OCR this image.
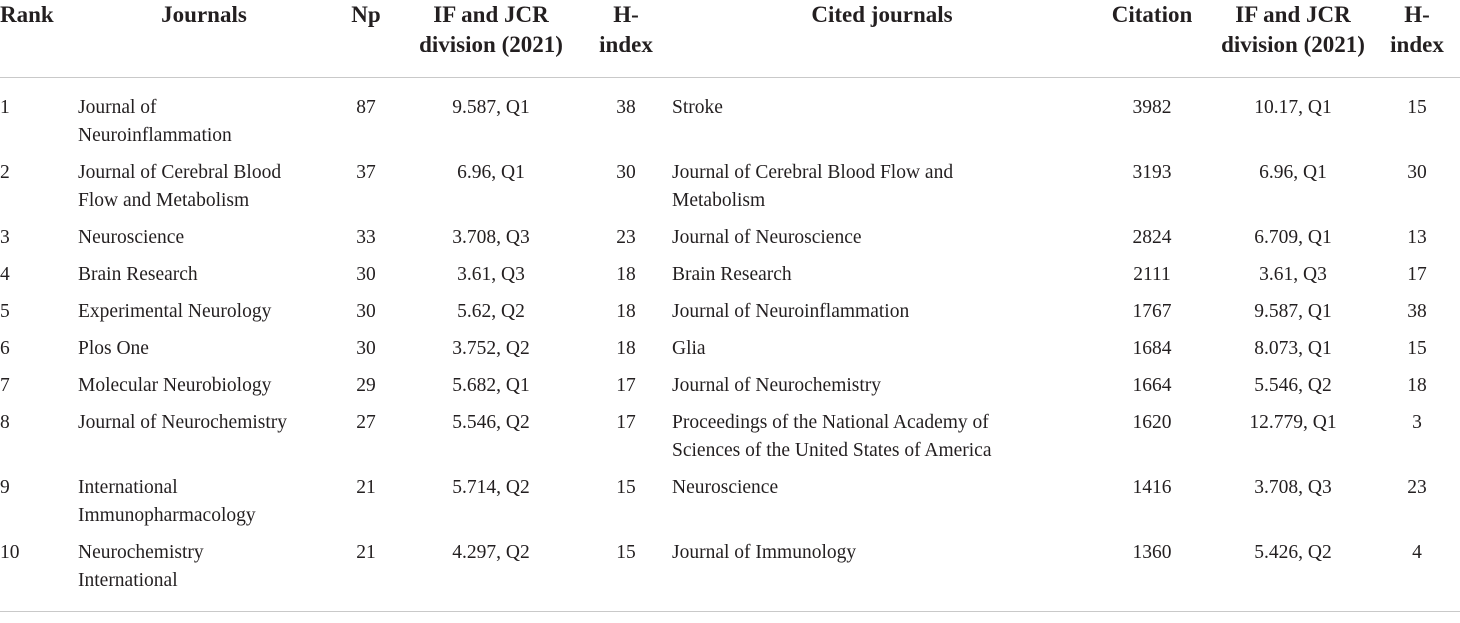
Rank	Journals	Np	IF and JCR
division (2021)	H-
index	Cited journals	Citation	IF and JCR
division (2021)	H-
index

1	Journal of
Neuroinflammation	87	9.587, Q1	38	Stroke	3982	10.17, Q1	15
2	Journal of Cerebral Blood
Flow and Metabolism	37	6.96, Q1	30	Journal of Cerebral Blood Flow and
Metabolism	3193	6.96, Q1	30
3	Neuroscience	33	3.708, Q3	23	Journal of Neuroscience	2824	6.709, Q1	13
4	Brain Research	30	3.61, Q3	18	Brain Research	2111	3.61, Q3	17
5	Experimental Neurology	30	5.62, Q2	18	Journal of Neuroinflammation	1767	9.587, Q1	38
6	Plos One	30	3.752, Q2	18	Glia	1684	8.073, Q1	15
7	Molecular Neurobiology	29	5.682, Q1	17	Journal of Neurochemistry	1664	5.546, Q2	18
8	Journal of Neurochemistry	27	5.546, Q2	17	Proceedings of the National Academy of
Sciences of the United States of America	1620	12.779, Q1	3
9	International
Immunopharmacology	21	5.714, Q2	15	Neuroscience	1416	3.708, Q3	23
10	Neurochemistry
International	21	4.297, Q2	15	Journal of Immunology	1360	5.426, Q2	4
